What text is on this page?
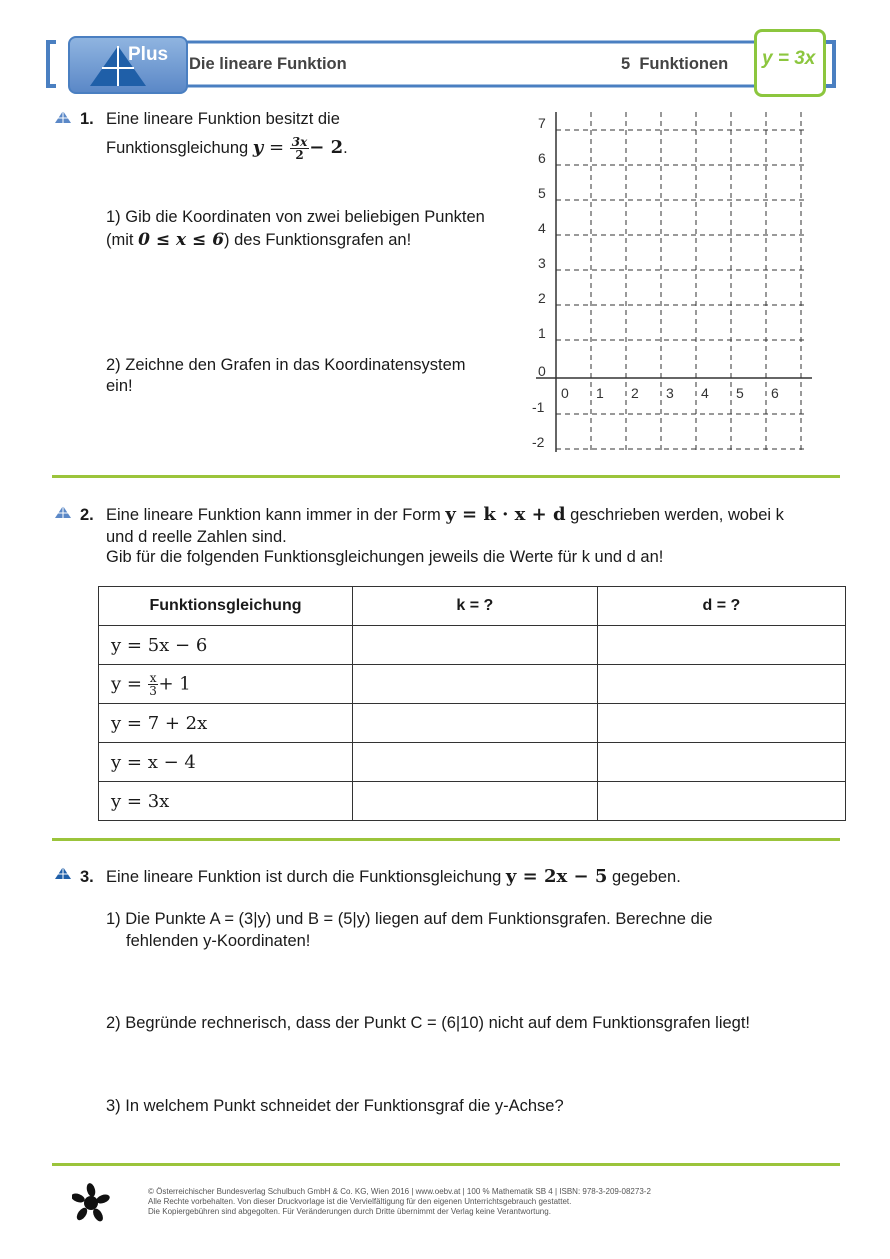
Plus Die lineare Funktion	5  Funktionen y = 3x
1. Eine lineare Funktion besitzt die
Funktionsgleichung $y = \frac{3x}{2} - 2$.
1) Gib die Koordinaten von zwei beliebigen Punkten
(mit 0 ≤ x ≤ 6) des Funktionsgrafen an!
2) Zeichne den Grafen in das Koordinatensystem
ein!
7
6
5
4
3
2
1
0
-1
-2
0 1 2 3 4 5 6
2. Eine lineare Funktion kann immer in der Form y = k · x + d geschrieben werden, wobei k
und d reelle Zahlen sind.
Gib für die folgenden Funktionsgleichungen jeweils die Werte für k und d an!
Funktionsgleichung	k = ?	d = ?
y = 5x − 6		
$y = \frac{x}{3} + 1$		
y = 7 + 2x		
y = x − 4		
y = 3x		
3. Eine lineare Funktion ist durch die Funktionsgleichung y = 2x − 5 gegeben.
1) Die Punkte A = (3|y) und B = (5|y) liegen auf dem Funktionsgrafen. Berechne die
fehlenden y-Koordinaten!
2) Begründe rechnerisch, dass der Punkt C = (6|10) nicht auf dem Funktionsgrafen liegt!
3) In welchem Punkt schneidet der Funktionsgraf die y-Achse?
© Österreichischer Bundesverlag Schulbuch GmbH & Co. KG, Wien 2016 | www.oebv.at | 100 % Mathematik SB 4 | ISBN: 978-3-209-08273-2
Alle Rechte vorbehalten. Von dieser Druckvorlage ist die Vervielfältigung für den eigenen Unterrichtsgebrauch gestattet.
Die Kopiergebühren sind abgegolten. Für Veränderungen durch Dritte übernimmt der Verlag keine Verantwortung.
